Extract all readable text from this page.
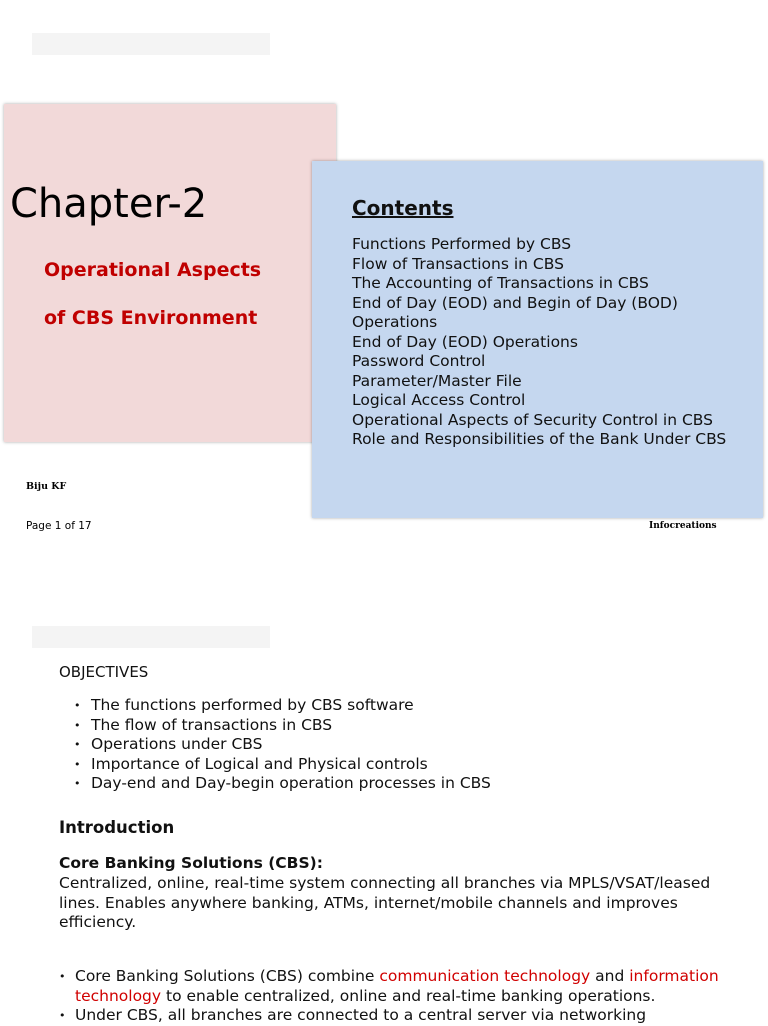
Chapter-2

Operational Aspects

of CBS Environment

Contents
Functions Performed by CBS
Flow of Transactions in CBS
The Accounting of Transactions in CBS
End of Day (EOD) and Begin of Day (BOD)
Operations
End of Day (EOD) Operations
Password Control
Parameter/Master File
Logical Access Control
Operational Aspects of Security Control in CBS
Role and Responsibilities of the Bank Under CBS
Biju KF
Page 1 of 17	Infocreations
OBJECTIVES
• The functions performed by CBS software
• The flow of transactions in CBS
• Operations under CBS
• Importance of Logical and Physical controls
• Day-end and Day-begin operation processes in CBS
Introduction

Core Banking Solutions (CBS):

Centralized, online, real-time system connecting all branches via MPLS/VSAT/leased lines. Enables anywhere banking, ATMs, internet/mobile channels and improves efficiency.

• Core Banking Solutions (CBS) combine communication technology and information technology to enable centralized, online and real-time banking operations.
• Under CBS, all branches are connected to a central server via networking
